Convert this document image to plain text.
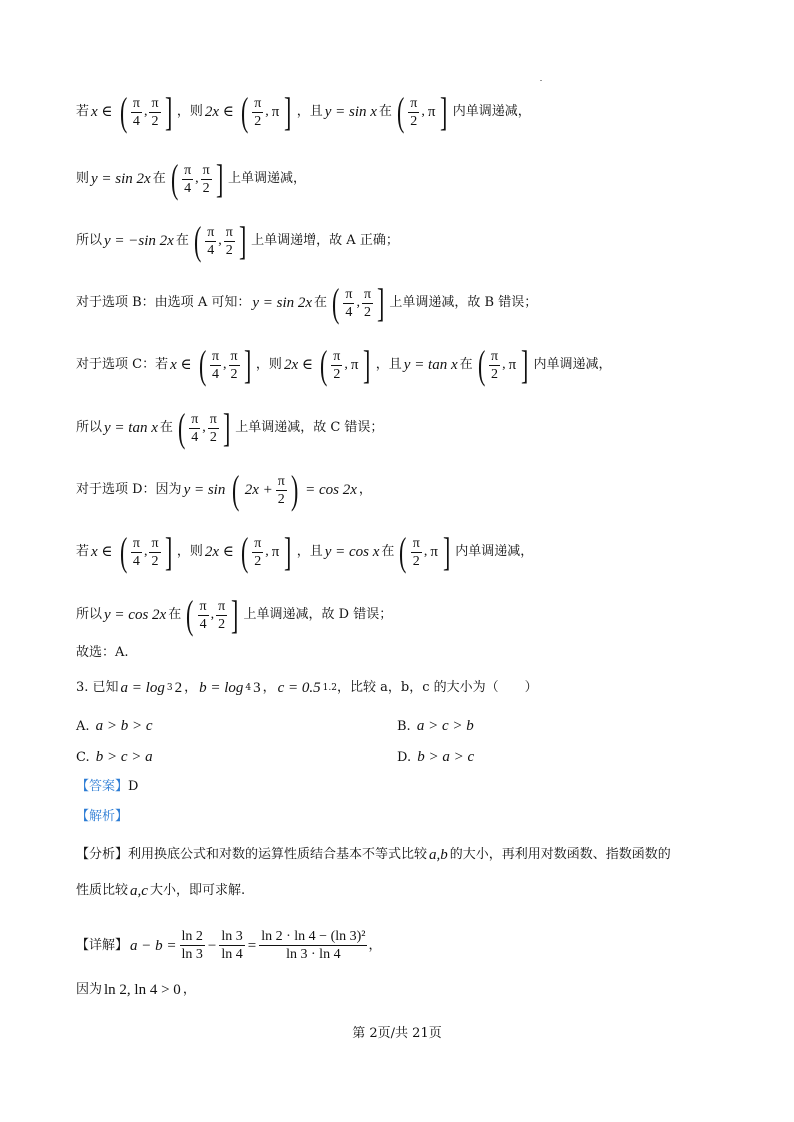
若 x ∈ ( $\frac{\pi}{4}$ , $\frac{\pi}{2}$ ] ，则 2x ∈ ( $\frac{\pi}{2}$ , π ] ，且 y = sin x 在 ( $\frac{\pi}{2}$ , π ] 内单调递减，
则 y = sin 2x 在 ( $\frac{\pi}{4}$ , $\frac{\pi}{2}$ ] 上单调递减，
所以 y = −sin 2x 在 ( $\frac{\pi}{4}$ , $\frac{\pi}{2}$ ] 上单调递增，故 A 正确；
对于选项 B：由选项 A 可知： y = sin 2x 在 ( $\frac{\pi}{4}$ , $\frac{\pi}{2}$ ] 上单调递减，故 B 错误；
对于选项 C：若 x ∈ ( $\frac{\pi}{4}$ , $\frac{\pi}{2}$ ] ，则 2x ∈ ( $\frac{\pi}{2}$ , π ] ，且 y = tan x 在 ( $\frac{\pi}{2}$ , π ] 内单调递减，
所以 y = tan x 在 ( $\frac{\pi}{4}$ , $\frac{\pi}{2}$ ] 上单调递减，故 C 错误；
对于选项 D：因为 y = sin ( $2x + \frac{\pi}{2}$ ) = cos 2x ，
若 x ∈ ( $\frac{\pi}{4}$ , $\frac{\pi}{2}$ ] ，则 2x ∈ ( $\frac{\pi}{2}$ , π ] ，且 y = cos x 在 ( $\frac{\pi}{2}$ , π ] 内单调递减，
所以 y = cos 2x 在 ( $\frac{\pi}{4}$ , $\frac{\pi}{2}$ ] 上单调递减，故 D 错误；
故选：A.
3. 已知 a = log 3 2 ， b = log 4 3 ， c = 0.5 1.2 ，比较 a，b，c 的大小为（　　）
A. a > b > c	B. a > c > b
C. b > c > a	D. b > a > c
【答案】 D
【解析】
【分析】 利用换底公式和对数的运算性质结合基本不等式比较 a,b 的大小，再利用对数函数、指数函数的
性质比较 a,c 大小，即可求解.
【详解】 $a - b = \frac{\ln 2}{\ln 3} - \frac{\ln 3}{\ln 4} = \frac{\text{ln 2 · ln 4 − (ln 3)²}}{\ln 3 \cdot \ln 4}$ ，
因为 ln 2, ln 4 > 0 ，
第 2页/共 21页
